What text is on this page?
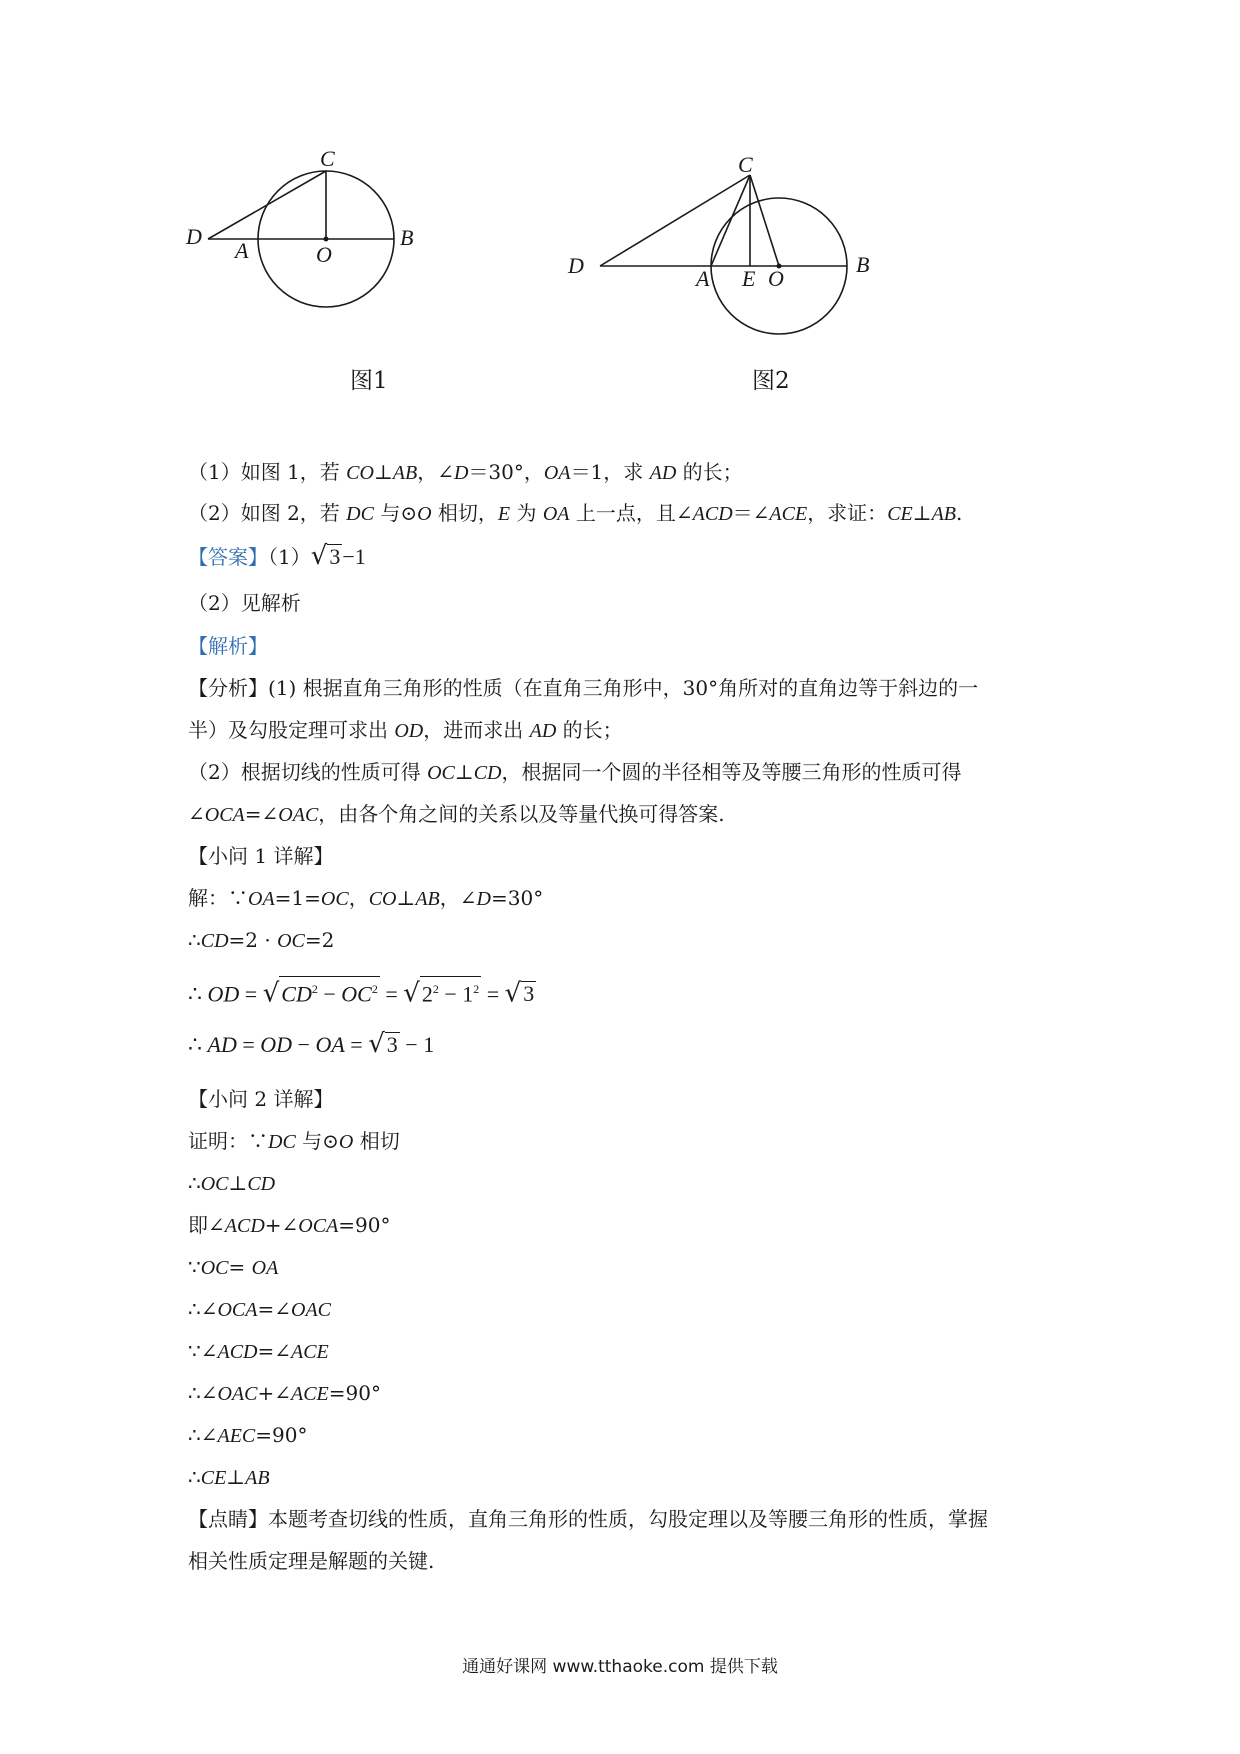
C
D
A	O
B
图1
C
D
A E O
B
图2
（1）如图 1，若 CO⊥AB，∠D＝30°，OA＝1，求 AD 的长；
（2）如图 2，若 DC 与⊙O 相切，E 为 OA 上一点，且∠ACD＝∠ACE，求证：CE⊥AB.
【答案】（1）√3−1
（2）见解析
【解析】
【分析】(1) 根据直角三角形的性质（在直角三角形中，30°角所对的直角边等于斜边的一
半）及勾股定理可求出 OD，进而求出 AD 的长；
（2）根据切线的性质可得 OC⊥CD，根据同一个圆的半径相等及等腰三角形的性质可得
∠OCA=∠OAC，由各个角之间的关系以及等量代换可得答案.
【小问 1 详解】
解：∵OA=1=OC，CO⊥AB，∠D=30°
∴CD=2 · OC=2
∴ OD = $√CD^2 - OC^2 = √2^2 - 1^2 = √3$
∴ AD = OD − OA = √3 − 1
【小问 2 详解】
证明：∵DC 与⊙O 相切
∴OC⊥CD
即∠ACD+∠OCA=90°
∵OC= OA
∴∠OCA=∠OAC
∵∠ACD=∠ACE
∴∠OAC+∠ACE=90°
∴∠AEC=90°
∴CE⊥AB
【点睛】本题考查切线的性质，直角三角形的性质，勾股定理以及等腰三角形的性质，掌握
相关性质定理是解题的关键.
通通好课网 www.tthaoke.com 提供下载
